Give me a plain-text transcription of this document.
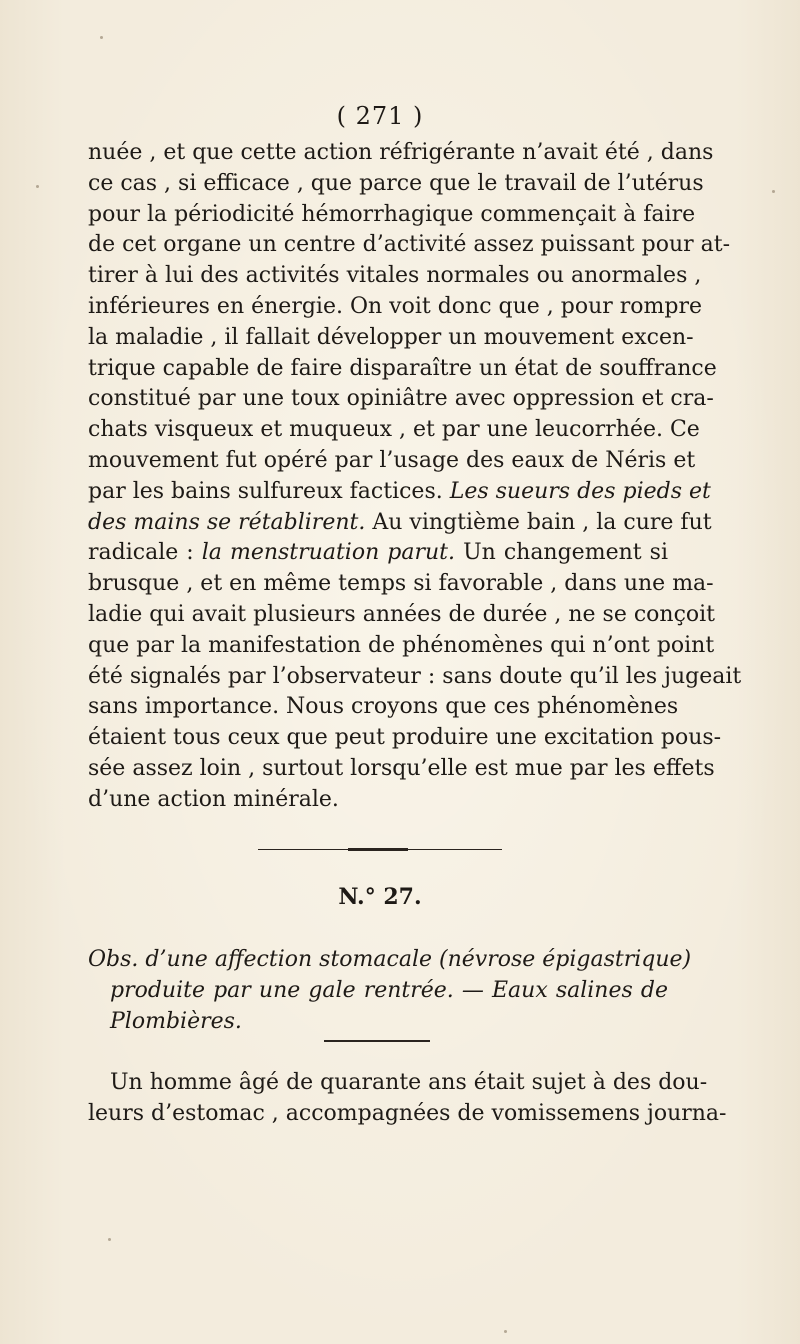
( 271 )
nuée , et que cette action réfrigérante n’avait été , dans
ce cas , si efficace , que parce que le travail de l’utérus
pour la périodicité hémorrhagique commençait à faire
de cet organe un centre d’activité assez puissant pour at-
tirer à lui des activités vitales normales ou anormales ,
inférieures en énergie. On voit donc que , pour rompre
la maladie , il fallait développer un mouvement excen-
trique capable de faire disparaître un état de souffrance
constitué par une toux opiniâtre avec oppression et cra-
chats visqueux et muqueux , et par une leucorrhée. Ce
mouvement fut opéré par l’usage des eaux de Néris et
par les bains sulfureux factices. Les sueurs des pieds et
des mains se rétablirent. Au vingtième bain , la cure fut
radicale : la menstruation parut. Un changement si
brusque , et en même temps si favorable , dans une ma-
ladie qui avait plusieurs années de durée , ne se conçoit
que par la manifestation de phénomènes qui n’ont point
été signalés par l’observateur : sans doute qu’il les jugeait
sans importance. Nous croyons que ces phénomènes
étaient tous ceux que peut produire une excitation pous-
sée assez loin , surtout lorsqu’elle est mue par les effets
d’une action minérale.
N.° 27.
Obs. d’une affection stomacale (névrose épigastrique)
produite par une gale rentrée. — Eaux salines de
Plombières.
Un homme âgé de quarante ans était sujet à des dou-
leurs d’estomac , accompagnées de vomissemens journa-
